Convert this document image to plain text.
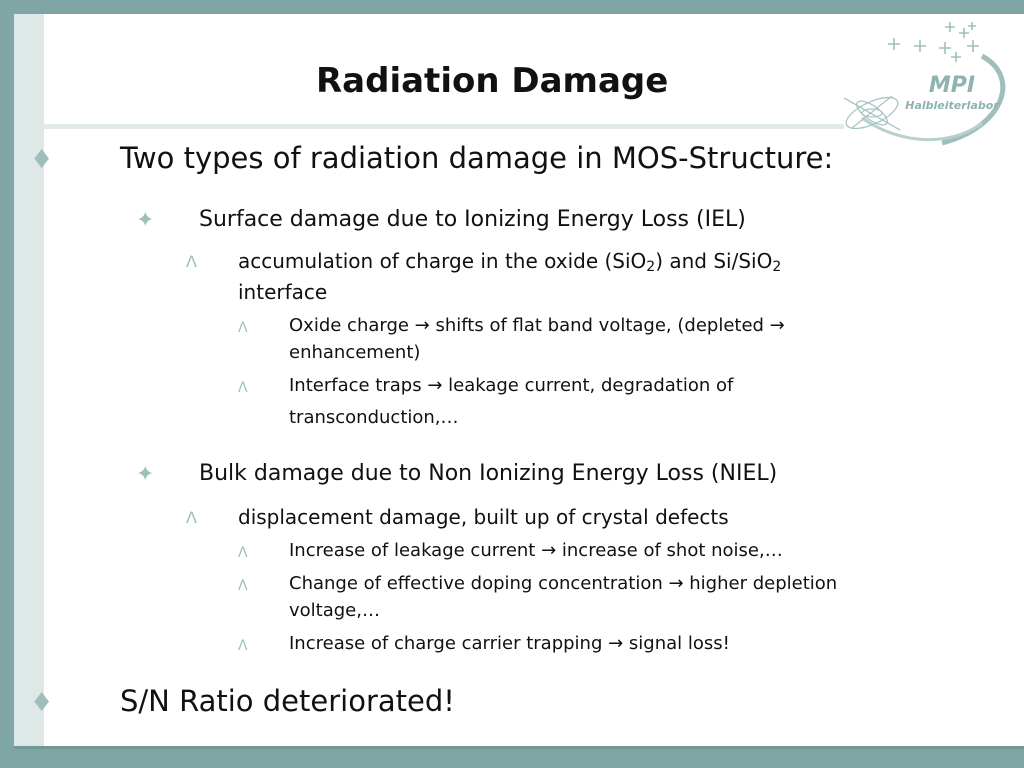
Radiation Damage	MPI
Halbleiterlabor
♦ Two types of radiation damage in MOS-Structure:
✦ Surface damage due to Ionizing Energy Loss (IEL)
Λ accumulation of charge in the oxide (SiO$_2$) and Si/SiO$_2$
interface
Λ Oxide charge → shifts of flat band voltage, (depleted →
enhancement)
Λ Interface traps → leakage current, degradation of
transconduction,…
✦ Bulk damage due to Non Ionizing Energy Loss (NIEL)
Λ displacement damage, built up of crystal defects
Λ Increase of leakage current → increase of shot noise,…
Λ Change of effective doping concentration → higher depletion
voltage,…
Λ Increase of charge carrier trapping → signal loss!
♦ S/N Ratio deteriorated!
